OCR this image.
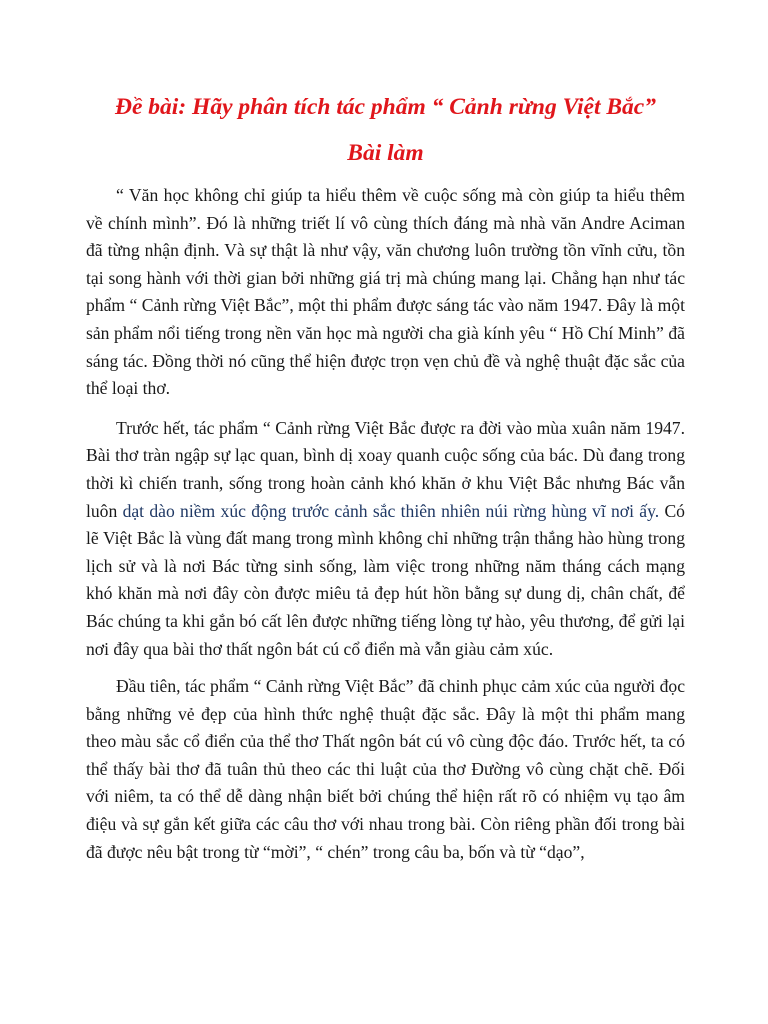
Đề bài: Hãy phân tích tác phẩm “ Cảnh rừng Việt Bắc”
Bài làm

“ Văn học không chỉ giúp ta hiểu thêm về cuộc sống mà còn giúp ta hiểu thêm về chính mình”. Đó là những triết lí vô cùng thích đáng mà nhà văn Andre Aciman đã từng nhận định. Và sự thật là như vậy, văn chương luôn trường tồn vĩnh cửu, tồn tại song hành với thời gian bởi những giá trị mà chúng mang lại. Chẳng hạn như tác phẩm “ Cảnh rừng Việt Bắc”, một thi phẩm được sáng tác vào năm 1947. Đây là một sản phẩm nổi tiếng trong nền văn học mà người cha già kính yêu “ Hồ Chí Minh” đã sáng tác. Đồng thời nó cũng thể hiện được trọn vẹn chủ đề và nghệ thuật đặc sắc của thể loại thơ.

Trước hết, tác phẩm “ Cảnh rừng Việt Bắc được ra đời vào mùa xuân năm 1947. Bài thơ tràn ngập sự lạc quan, bình dị xoay quanh cuộc sống của bác. Dù đang trong thời kì chiến tranh, sống trong hoàn cảnh khó khăn ở khu Việt Bắc nhưng Bác vẫn luôn dạt dào niềm xúc động trước cảnh sắc thiên nhiên núi rừng hùng vĩ nơi ấy. Có lẽ Việt Bắc là vùng đất mang trong mình không chỉ những trận thắng hào hùng trong lịch sử và là nơi Bác từng sinh sống, làm việc trong những năm tháng cách mạng khó khăn mà nơi đây còn được miêu tả đẹp hút hồn bằng sự dung dị, chân chất, để Bác chúng ta khi gắn bó cất lên được những tiếng lòng tự hào, yêu thương, để gửi lại nơi đây qua bài thơ thất ngôn bát cú cổ điển mà vẫn giàu cảm xúc.

Đầu tiên, tác phẩm “ Cảnh rừng Việt Bắc” đã chinh phục cảm xúc của người đọc bằng những vẻ đẹp của hình thức nghệ thuật đặc sắc. Đây là một thi phẩm mang theo màu sắc cổ điển của thể thơ Thất ngôn bát cú vô cùng độc đáo. Trước hết, ta có thể thấy bài thơ đã tuân thủ theo các thi luật của thơ Đường vô cùng chặt chẽ. Đối với niêm, ta có thể dễ dàng nhận biết bởi chúng thể hiện rất rõ có nhiệm vụ tạo âm điệu và sự gắn kết giữa các câu thơ với nhau trong bài. Còn riêng phần đối trong bài đã được nêu bật trong từ “mời”, “ chén” trong câu ba, bốn và từ “dạo”,
